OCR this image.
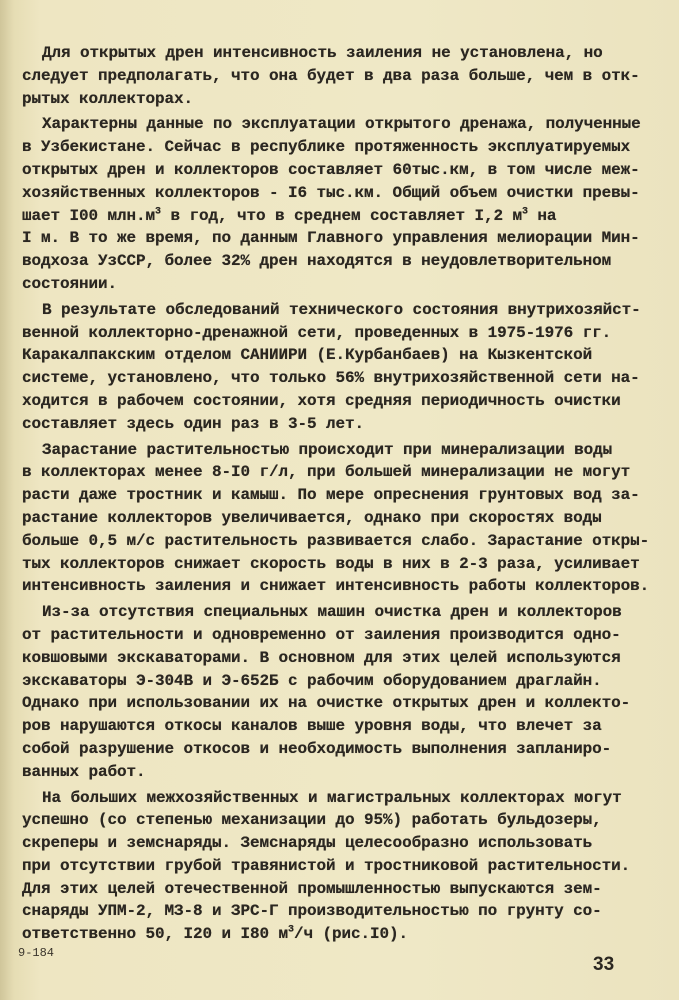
Для открытых дрен интенсивность заиления не установлена, но
следует предполагать, что она будет в два раза больше, чем в отк-
рытых коллекторах.
Характерны данные по эксплуатации открытого дренажа, полученные
в Узбекистане. Сейчас в республике протяженность эксплуатируемых
открытых дрен и коллекторов составляет 60тыс.км, в том числе меж-
хозяйственных коллекторов - I6 тыс.км. Общий объем очистки превы-
шает I00 $млн.м^3$ в год, что в среднем составляет I,2 $м^3$ на
I м. В то же время, по данным Главного управления мелиорации Мин-
водхоза УзССР, более 32% дрен находятся в неудовлетворительном
состоянии.
В результате обследований технического состояния внутрихозяйст-
венной коллекторно-дренажной сети, проведенных в 1975-1976 гг.
Каракалпакским отделом САНИИРИ (Е.Курбанбаев) на Кызкентской
системе, установлено, что только 56% внутрихозяйственной сети на-
ходится в рабочем состоянии, хотя средняя периодичность очистки
составляет здесь один раз в 3-5 лет.
Зарастание растительностью происходит при минерализации воды
в коллекторах менее 8-I0 г/л, при большей минерализации не могут
расти даже тростник и камыш. По мере опреснения грунтовых вод за-
растание коллекторов увеличивается, однако при скоростях воды
больше 0,5 м/с растительность развивается слабо. Зарастание откры-
тых коллекторов снижает скорость воды в них в 2-3 раза, усиливает
интенсивность заиления и снижает интенсивность работы коллекторов.
Из-за отсутствия специальных машин очистка дрен и коллекторов
от растительности и одновременно от заиления производится одно-
ковшовыми экскаваторами. В основном для этих целей используются
экскаваторы Э-304В и Э-652Б с рабочим оборудованием драглайн.
Однако при использовании их на очистке открытых дрен и коллекто-
ров нарушаются откосы каналов выше уровня воды, что влечет за
собой разрушение откосов и необходимость выполнения запланиро-
ванных работ.
На больших межхозяйственных и магистральных коллекторах могут
успешно (со степенью механизации до 95%) работать бульдозеры,
скреперы и земснаряды. Земснаряды целесообразно использовать
при отсутствии грубой травянистой и тростниковой растительности.
Для этих целей отечественной промышленностью выпускаются зем-
снаряды УПМ-2, МЗ-8 и ЗРС-Г производительностью по грунту со-
ответственно 50, I20 и I80 $м^3/ч$ (рис.I0).
9-184
33
